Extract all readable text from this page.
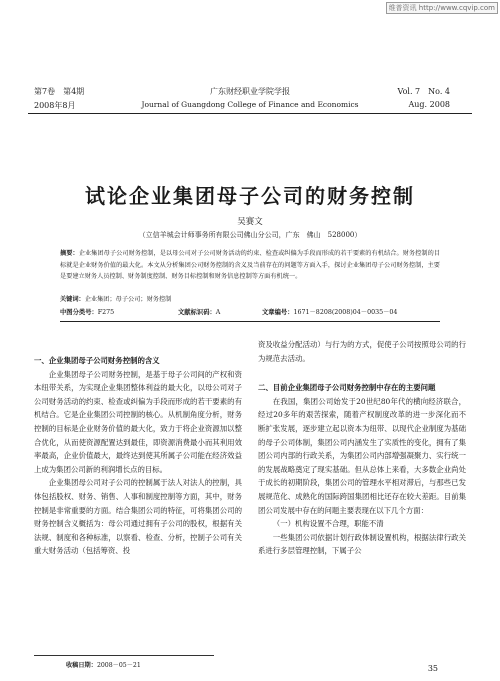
维普资讯 http://www.cqvip.com
第7卷　第4期
2008年8月
广东财经职业学院学报
Journal of Guangdong College of Finance and Economics
Vol. 7　No. 4
Aug. 2008
试论企业集团母子公司的财务控制
吴赛文
（立信羊城会计师事务所有限公司佛山分公司，广东　佛山　528000）
摘要：企业集团母子公司财务控制，是以母公司对子公司财务活动的约束、检查或纠偏为手段而形成的若干要素的有机结合。财务控制的目标就是企业财务价值的最大化。本文从分析集团公司财务控制的含义及当前存在的问题等方面入手，探讨企业集团母子公司财务控制，主要是要建立财务人员控制、财务制度控制、财务目标控制和财务信息控制等方面有机统一。
关键词：企业集团；母子公司；财务控制
中图分类号：F275	文献标识码：A	文章编号：1671－8208(2008)04－0035－04
一、企业集团母子公司财务控制的含义

企业集团母子公司财务控制，是基于母子公司间的产权和资本纽带关系，为实现企业集团整体利益的最大化，以母公司对子公司财务活动的约束、检查或纠偏为手段而形成的若干要素的有机结合。它是企业集团公司控制的核心。从机制角度分析，财务控制的目标是企业财务价值的最大化，致力于将企业资源加以整合优化，从而使资源配置达到最佳，即资源消费最小而其利用效率最高，企业价值最大，最终达到使其所属子公司能在经济效益上成为集团公司新的利润增长点的目标。

企业集团母公司对子公司的控制属于法人对法人的控制，具体包括股权、财务、销售、人事和制度控制等方面，其中，财务控制是非常重要的方面。结合集团公司的特征，可将集团公司的财务控制含义概括为：母公司通过拥有子公司的股权，根据有关法规、制度和各种标准，以察看、检查、分析，控制子公司有关重大财务活动（包括筹资、投

资及收益分配活动）与行为的方式，促使子公司按照母公司的行为规范去活动。

二、目前企业集团母子公司财务控制中存在的主要问题

在我国，集团公司始发于20世纪80年代的横向经济联合，经过20多年的艰苦探索，随着产权制度改革的进一步深化而不断扩张发展，逐步建立起以资本为纽带、以现代企业制度为基础的母子公司体制，集团公司内涵发生了实质性的变化，拥有了集团公司内部的行政关系，为集团公司内部增强凝聚力、实行统一的发展战略奠定了现实基础。但从总体上来看，大多数企业尚处于成长的初期阶段，集团公司的管理水平相对滞后，与那些已发展规范化、成熟化的国际跨国集团相比还存在较大差距。目前集团公司发展中存在的问题主要表现在以下几个方面：

（一）机构设置不合理，职能不清

一些集团公司依据计划行政体制设置机构，根据法律行政关系进行多层管理控制，下属子公

收稿日期：2008－05－21	35
